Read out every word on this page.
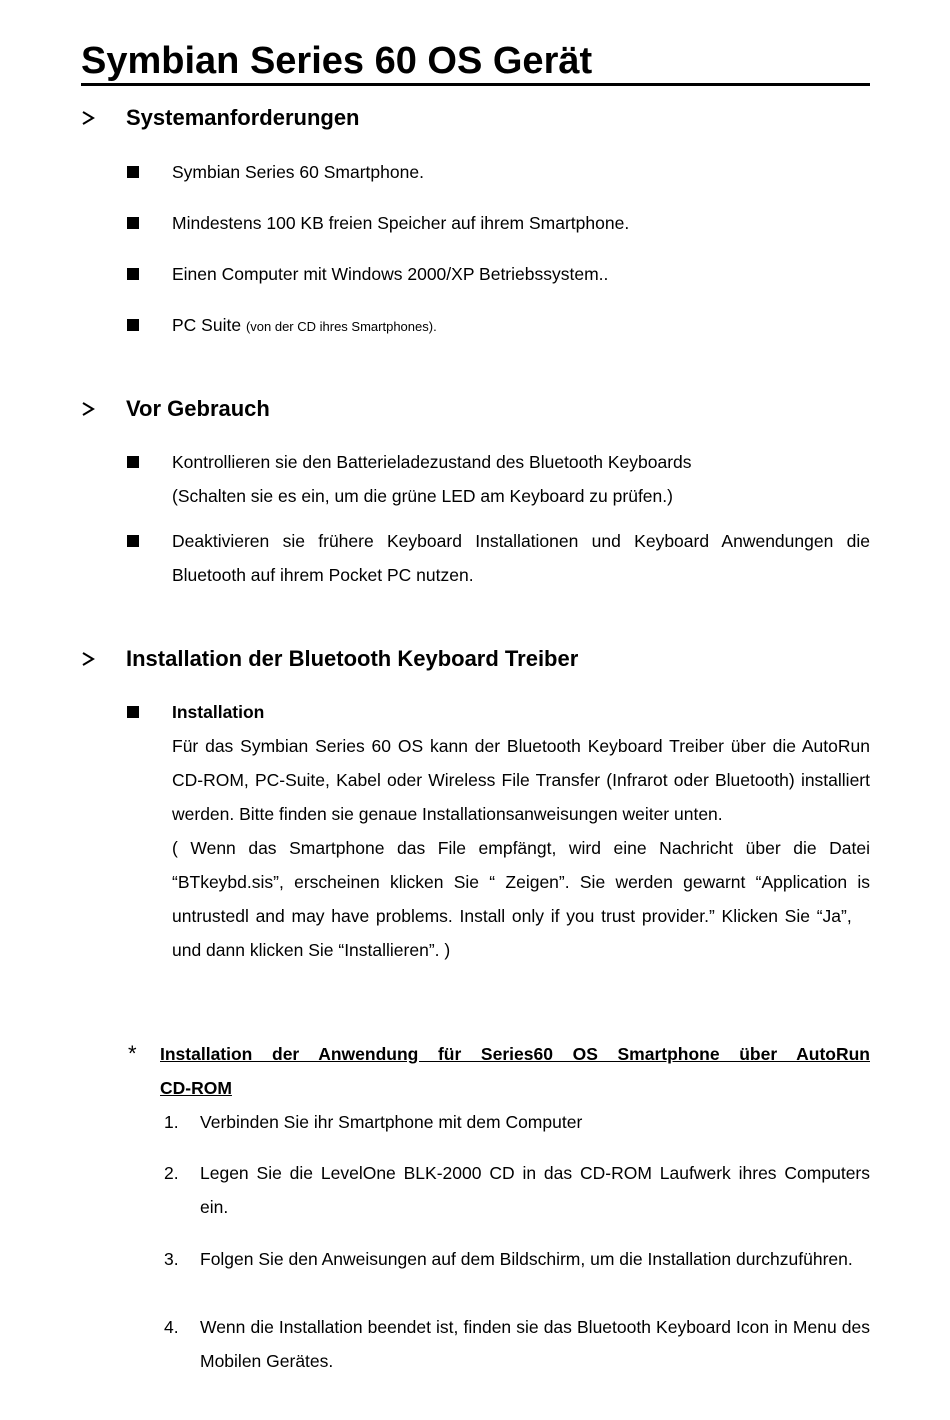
Symbian Series 60 OS Gerät
Systemanforderungen
Symbian Series 60 Smartphone.
Mindestens 100 KB freien Speicher auf ihrem Smartphone.
Einen Computer mit Windows 2000/XP Betriebssystem..
PC Suite (von der CD ihres Smartphones).
Vor Gebrauch
Kontrollieren sie den Batterieladezustand des Bluetooth Keyboards
(Schalten sie es ein, um die grüne LED am Keyboard zu prüfen.)
Deaktivieren sie frühere Keyboard Installationen und Keyboard Anwendungen die Bluetooth auf ihrem Pocket PC nutzen.
Installation der Bluetooth Keyboard Treiber
Installation
Für das Symbian Series 60 OS kann der Bluetooth Keyboard Treiber über die AutoRun CD-ROM, PC-Suite, Kabel oder Wireless File Transfer (Infrarot oder Bluetooth) installiert werden. Bitte finden sie genaue Installationsanweisungen weiter unten.
( Wenn das Smartphone das File empfängt, wird eine Nachricht über die Datei “BTkeybd.sis”, erscheinen klicken Sie “ Zeigen”. Sie werden gewarnt “Application is untrustedl and may have problems. Install only if you trust provider.” Klicken Sie “Ja”,    und dann klicken Sie “Installieren”. )
* Installation der Anwendung für Series60 OS Smartphone über AutoRun
CD-ROM
1.	Verbinden Sie ihr Smartphone mit dem Computer
2.	Legen Sie die LevelOne BLK-2000 CD in das CD-ROM Laufwerk ihres Computers ein.
3.	Folgen Sie den Anweisungen auf dem Bildschirm, um die Installation durchzuführen.
4.	Wenn die Installation beendet ist, finden sie das Bluetooth Keyboard Icon in Menu des Mobilen Gerätes.
